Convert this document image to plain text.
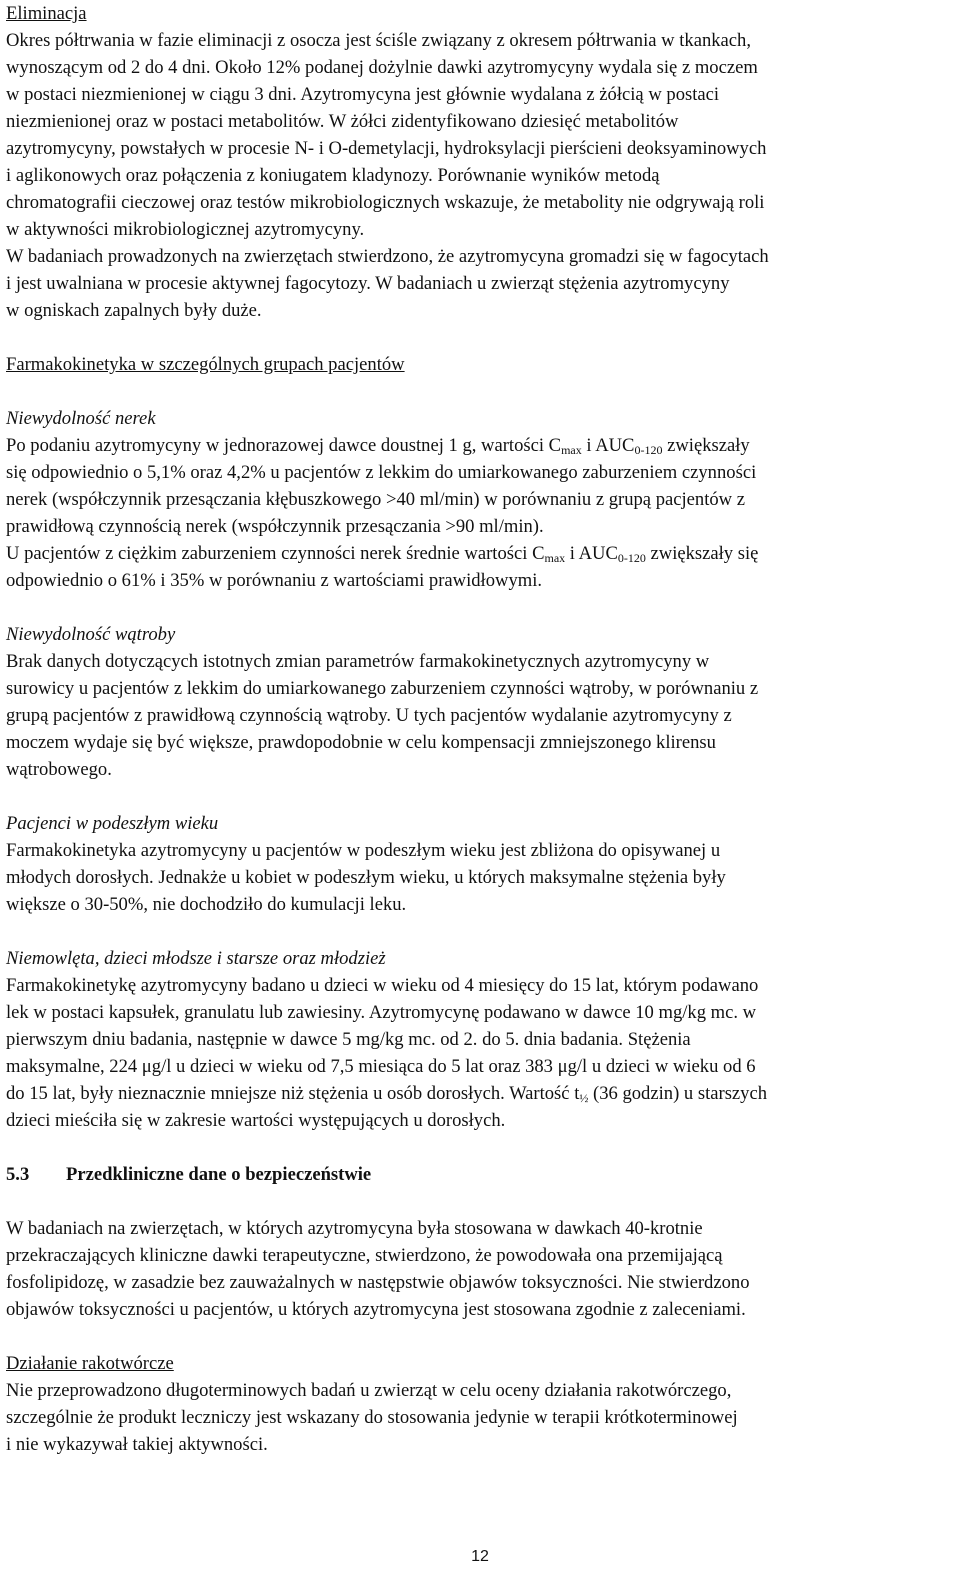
Eliminacja
Okres półtrwania w fazie eliminacji z osocza jest ściśle związany z okresem półtrwania w tkankach,
wynoszącym od 2 do 4 dni. Około 12% podanej dożylnie dawki azytromycyny wydala się z moczem
w postaci niezmienionej w ciągu 3 dni. Azytromycyna jest głównie wydalana z żółcią w postaci
niezmienionej oraz w postaci metabolitów. W żółci zidentyfikowano dziesięć metabolitów
azytromycyny, powstałych w procesie N- i O-demetylacji, hydroksylacji pierścieni deoksyaminowych
i aglikonowych oraz połączenia z koniugatem kladynozy. Porównanie wyników metodą
chromatografii cieczowej oraz testów mikrobiologicznych wskazuje, że metabolity nie odgrywają roli
w aktywności mikrobiologicznej azytromycyny.
W badaniach prowadzonych na zwierzętach stwierdzono, że azytromycyna gromadzi się w fagocytach
i jest uwalniana w procesie aktywnej fagocytozy. W badaniach u zwierząt stężenia azytromycyny
w ogniskach zapalnych były duże.
Farmakokinetyka w szczególnych grupach pacjentów
Niewydolność nerek
Po podaniu azytromycyny w jednorazowej dawce doustnej 1 g, wartości $C_{max}$ i $AUC_{0-120}$ zwiększały
się odpowiednio o 5,1% oraz 4,2% u pacjentów z lekkim do umiarkowanego zaburzeniem czynności
nerek (współczynnik przesączania kłębuszkowego >40 ml/min) w porównaniu z grupą pacjentów z
prawidłową czynnością nerek (współczynnik przesączania >90 ml/min).
U pacjentów z ciężkim zaburzeniem czynności nerek średnie wartości $C_{max}$ i $AUC_{0-120}$ zwiększały się
odpowiednio o 61% i 35% w porównaniu z wartościami prawidłowymi.
Niewydolność wątroby
Brak danych dotyczących istotnych zmian parametrów farmakokinetycznych azytromycyny w
surowicy u pacjentów z lekkim do umiarkowanego zaburzeniem czynności wątroby, w porównaniu z
grupą pacjentów z prawidłową czynnością wątroby. U tych pacjentów wydalanie azytromycyny z
moczem wydaje się być większe, prawdopodobnie w celu kompensacji zmniejszonego klirensu
wątrobowego.
Pacjenci w podeszłym wieku
Farmakokinetyka azytromycyny u pacjentów w podeszłym wieku jest zbliżona do opisywanej u
młodych dorosłych. Jednakże u kobiet w podeszłym wieku, u których maksymalne stężenia były
większe o 30-50%, nie dochodziło do kumulacji leku.
Niemowlęta, dzieci młodsze i starsze oraz młodzież
Farmakokinetykę azytromycyny badano u dzieci w wieku od 4 miesięcy do 15 lat, którym podawano
lek w postaci kapsułek, granulatu lub zawiesiny. Azytromycynę podawano w dawce 10 mg/kg mc. w
pierwszym dniu badania, następnie w dawce 5 mg/kg mc. od 2. do 5. dnia badania. Stężenia
maksymalne, 224 μg/l u dzieci w wieku od 7,5 miesiąca do 5 lat oraz 383 μg/l u dzieci w wieku od 6
do 15 lat, były nieznacznie mniejsze niż stężenia u osób dorosłych. Wartość $t_{\frac{1}{2}}$ (36 godzin) u starszych
dzieci mieściła się w zakresie wartości występujących u dorosłych.
5.3 Przedkliniczne dane o bezpieczeństwie
W badaniach na zwierzętach, w których azytromycyna była stosowana w dawkach 40-krotnie
przekraczających kliniczne dawki terapeutyczne, stwierdzono, że powodowała ona przemijającą
fosfolipidozę, w zasadzie bez zauważalnych w następstwie objawów toksyczności. Nie stwierdzono
objawów toksyczności u pacjentów, u których azytromycyna jest stosowana zgodnie z zaleceniami.
Działanie rakotwórcze
Nie przeprowadzono długoterminowych badań u zwierząt w celu oceny działania rakotwórczego,
szczególnie że produkt leczniczy jest wskazany do stosowania jedynie w terapii krótkoterminowej
i nie wykazywał takiej aktywności.
12
